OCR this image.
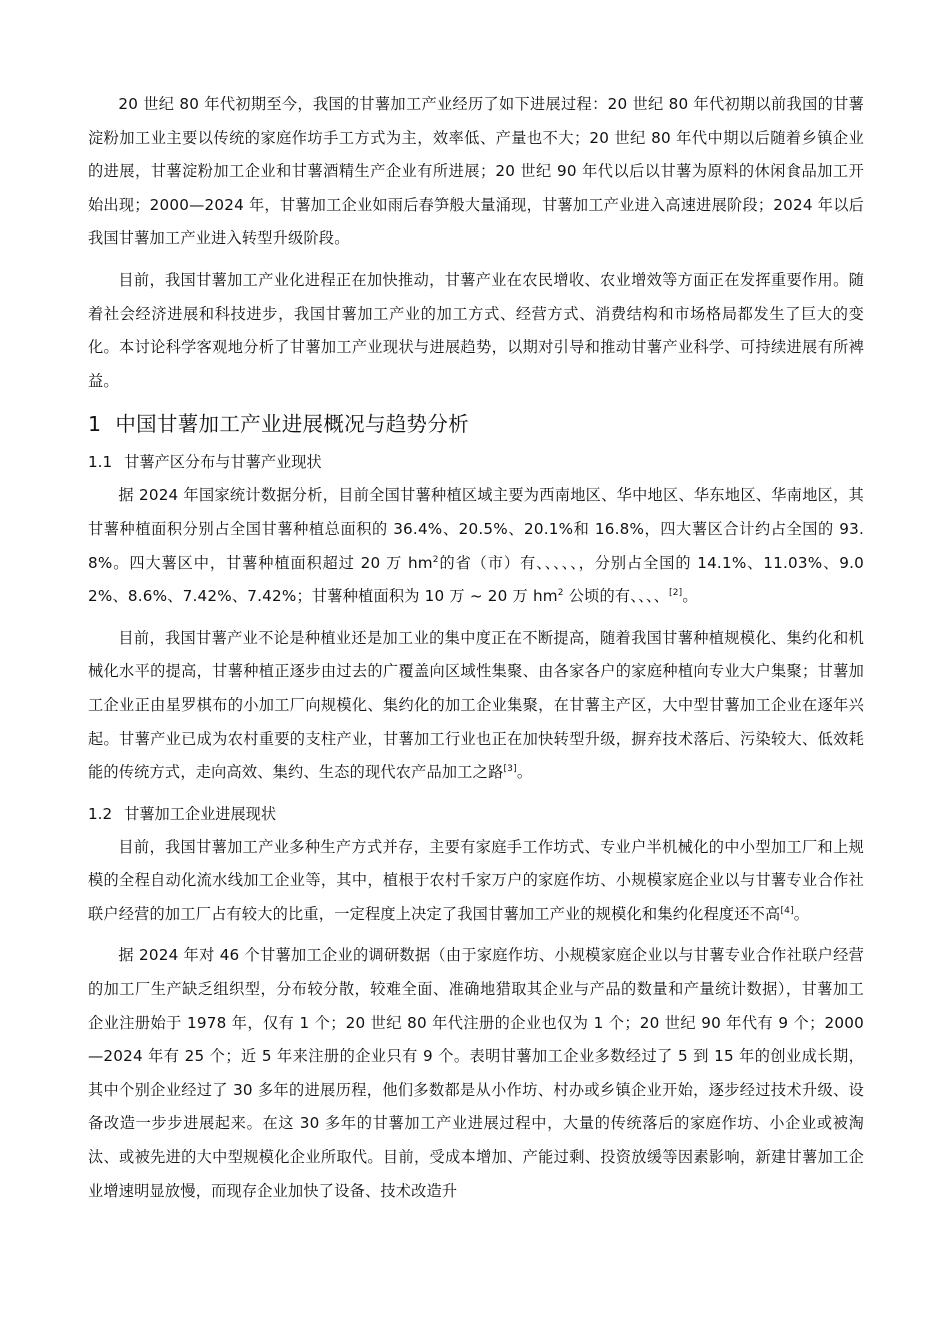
20 世纪 80 年代初期至今，我国的甘薯加工产业经历了如下进展过程：20 世纪 80 年代初期以前我国的甘薯淀粉加工业主要以传统的家庭作坊手工方式为主，效率低、产量也不大；20 世纪 80 年代中期以后随着乡镇企业的进展，甘薯淀粉加工企业和甘薯酒精生产企业有所进展；20 世纪 90 年代以后以甘薯为原料的休闲食品加工开始出现；2000—2024 年，甘薯加工企业如雨后春笋般大量涌现，甘薯加工产业进入高速进展阶段；2024 年以后我国甘薯加工产业进入转型升级阶段。

目前，我国甘薯加工产业化进程正在加快推动，甘薯产业在农民增收、农业增效等方面正在发挥重要作用。随着社会经济进展和科技进步，我国甘薯加工产业的加工方式、经营方式、消费结构和市场格局都发生了巨大的变化。本讨论科学客观地分析了甘薯加工产业现状与进展趋势，以期对引导和推动甘薯产业科学、可持续进展有所裨益。

1 中国甘薯加工产业进展概况与趋势分析
1.1 甘薯产区分布与甘薯产业现状

据 2024 年国家统计数据分析，目前全国甘薯种植区域主要为西南地区、华中地区、华东地区、华南地区，其甘薯种植面积分别占全国甘薯种植总面积的 36.4%、20.5%、20.1%和 16.8%，四大薯区合计约占全国的 93.8%。四大薯区中，甘薯种植面积超过 20 万 $hm^2$的省（市）有、、、、、，分别占全国的 14.1%、11.03%、9.02%、8.6%、7.42%、7.42%；甘薯种植面积为 10 万 ~ 20 万 $hm^2$ 公顷的有、、、、[2]。

目前，我国甘薯产业不论是种植业还是加工业的集中度正在不断提高，随着我国甘薯种植规模化、集约化和机械化水平的提高，甘薯种植正逐步由过去的广覆盖向区域性集聚、由各家各户的家庭种植向专业大户集聚；甘薯加工企业正由星罗棋布的小加工厂向规模化、集约化的加工企业集聚，在甘薯主产区，大中型甘薯加工企业在逐年兴起。甘薯产业已成为农村重要的支柱产业，甘薯加工行业也正在加快转型升级，摒弃技术落后、污染较大、低效耗能的传统方式，走向高效、集约、生态的现代农产品加工之路[3]。

1.2 甘薯加工企业进展现状

目前，我国甘薯加工产业多种生产方式并存，主要有家庭手工作坊式、专业户半机械化的中小型加工厂和上规模的全程自动化流水线加工企业等，其中，植根于农村千家万户的家庭作坊、小规模家庭企业以与甘薯专业合作社联户经营的加工厂占有较大的比重，一定程度上决定了我国甘薯加工产业的规模化和集约化程度还不高[4]。

据 2024 年对 46 个甘薯加工企业的调研数据（由于家庭作坊、小规模家庭企业以与甘薯专业合作社联户经营的加工厂生产缺乏组织型，分布较分散，较难全面、准确地猎取其企业与产品的数量和产量统计数据），甘薯加工企业注册始于 1978 年，仅有 1 个；20 世纪 80 年代注册的企业也仅为 1 个；20 世纪 90 年代有 9 个；2000—2024 年有 25 个；近 5 年来注册的企业只有 9 个。表明甘薯加工企业多数经过了 5 到 15 年的创业成长期，其中个别企业经过了 30 多年的进展历程，他们多数都是从小作坊、村办或乡镇企业开始，逐步经过技术升级、设备改造一步步进展起来。在这 30 多年的甘薯加工产业进展过程中，大量的传统落后的家庭作坊、小企业或被淘汰、或被先进的大中型规模化企业所取代。目前，受成本增加、产能过剩、投资放缓等因素影响，新建甘薯加工企业增速明显放慢，而现存企业加快了设备、技术改造升
